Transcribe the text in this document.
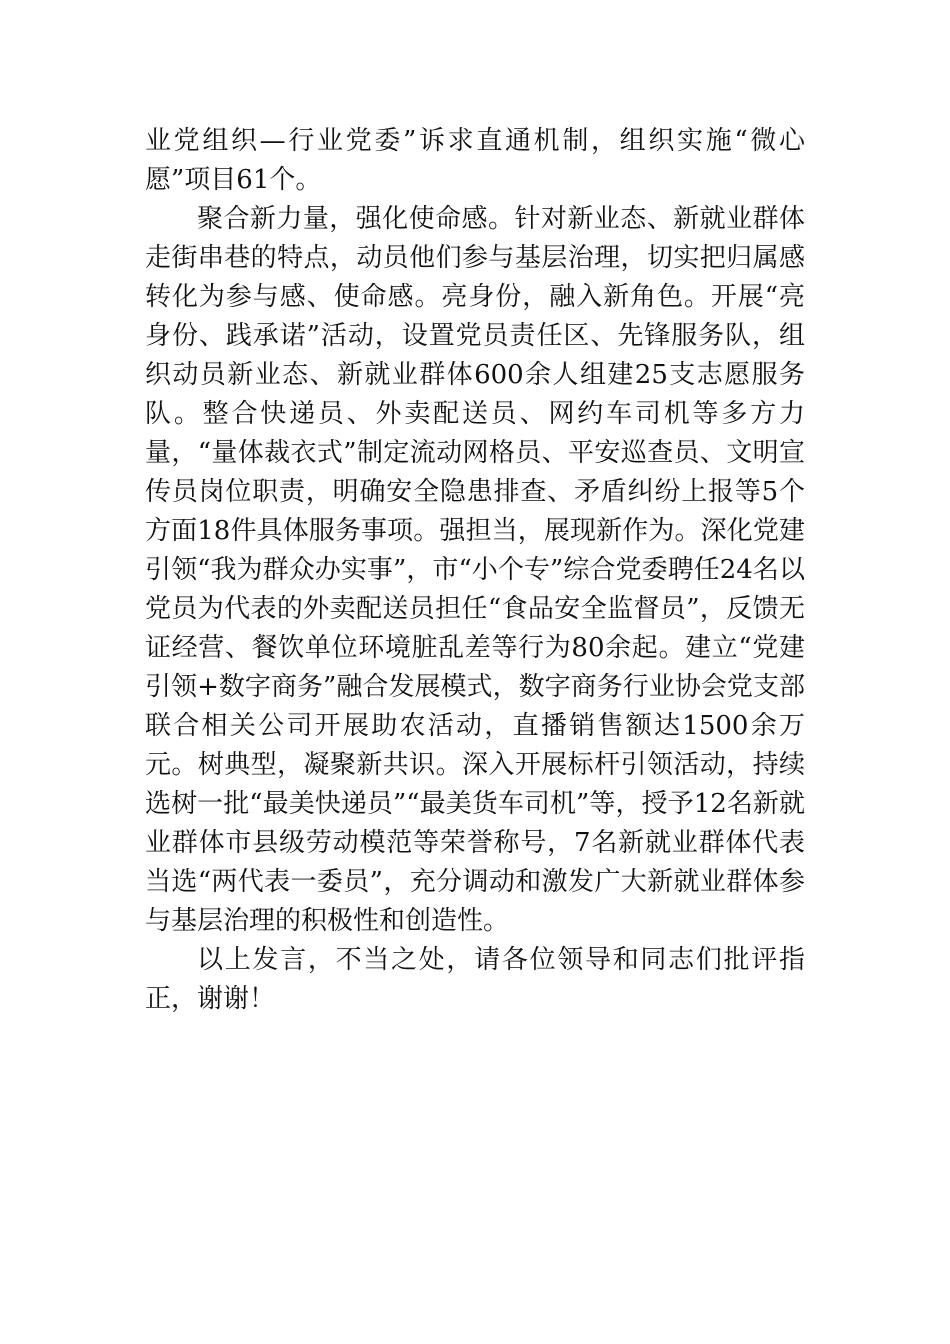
业党组织—行业党委”诉求直通机制，组织实施“微心愿”项目61个。

聚合新力量，强化使命感。针对新业态、新就业群体走街串巷的特点，动员他们参与基层治理，切实把归属感转化为参与感、使命感。亮身份，融入新角色。开展“亮身份、践承诺”活动，设置党员责任区、先锋服务队，组织动员新业态、新就业群体600余人组建25支志愿服务队。整合快递员、外卖配送员、网约车司机等多方力量，“量体裁衣式”制定流动网格员、平安巡查员、文明宣传员岗位职责，明确安全隐患排查、矛盾纠纷上报等5个方面18件具体服务事项。强担当，展现新作为。深化党建引领“我为群众办实事”，市“小个专”综合党委聘任24名以党员为代表的外卖配送员担任“食品安全监督员”，反馈无证经营、餐饮单位环境脏乱差等行为80余起。建立“党建引领+数字商务”融合发展模式，数字商务行业协会党支部联合相关公司开展助农活动，直播销售额达1500余万元。树典型，凝聚新共识。深入开展标杆引领活动，持续选树一批“最美快递员”“最美货车司机”等，授予12名新就业群体市县级劳动模范等荣誉称号，7名新就业群体代表当选“两代表一委员”，充分调动和激发广大新就业群体参与基层治理的积极性和创造性。

以上发言，不当之处，请各位领导和同志们批评指正，谢谢！
